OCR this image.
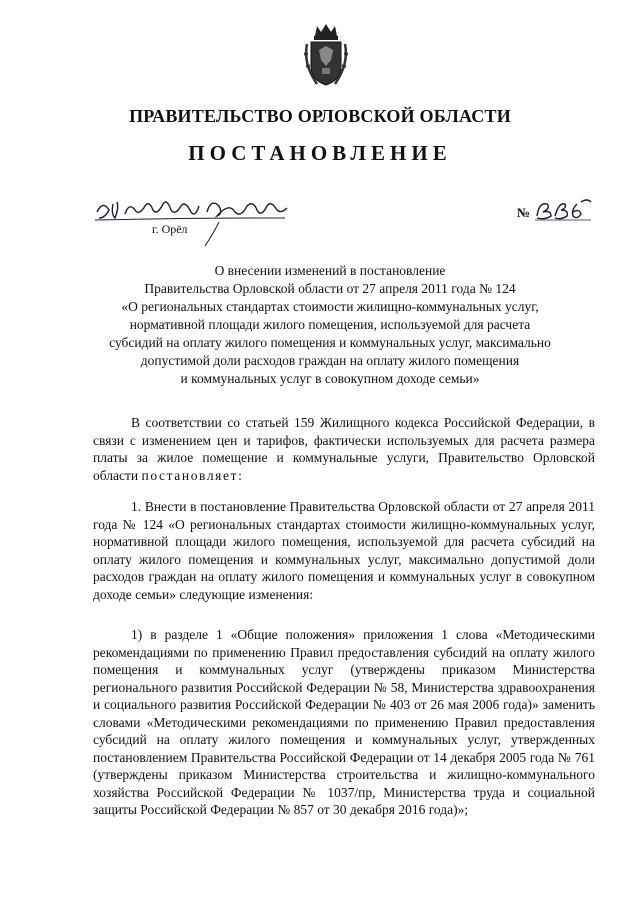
ПРАВИТЕЛЬСТВО ОРЛОВСКОЙ ОБЛАСТИ
ПОСТАНОВЛЕНИЕ
г. Орёл
№
О внесении изменений в постановление
Правительства Орловской области от 27 апреля 2011 года № 124
«О региональных стандартах стоимости жилищно-коммунальных услуг,
нормативной площади жилого помещения, используемой для расчета
субсидий на оплату жилого помещения и коммунальных услуг, максимально
допустимой доли расходов граждан на оплату жилого помещения
и коммунальных услуг в совокупном доходе семьи»
В соответствии со статьей 159 Жилищного кодекса Российской Федерации, в связи с изменением цен и тарифов, фактически используемых для расчета размера платы за жилое помещение и коммунальные услуги, Правительство Орловской области постановляет:
1. Внести в постановление Правительства Орловской области от 27 апреля 2011 года № 124 «О региональных стандартах стоимости жилищно-коммунальных услуг, нормативной площади жилого помещения, используемой для расчета субсидий на оплату жилого помещения и коммунальных услуг, максимально допустимой доли расходов граждан на оплату жилого помещения и коммунальных услуг в совокупном доходе семьи» следующие изменения:
1) в разделе 1 «Общие положения» приложения 1 слова «Методическими рекомендациями по применению Правил предоставления субсидий на оплату жилого помещения и коммунальных услуг (утверждены приказом Министерства регионального развития Российской Федерации № 58, Министерства здравоохранения и социального развития Российской Федерации № 403 от 26 мая 2006 года)» заменить словами «Методическими рекомендациями по применению Правил предоставления субсидий на оплату жилого помещения и коммунальных услуг, утвержденных постановлением Правительства Российской Федерации от 14 декабря 2005 года № 761 (утверждены приказом Министерства строительства и жилищно-коммунального хозяйства Российской Федерации № 1037/пр, Министерства труда и социальной защиты Российской Федерации № 857 от 30 декабря 2016 года)»;
